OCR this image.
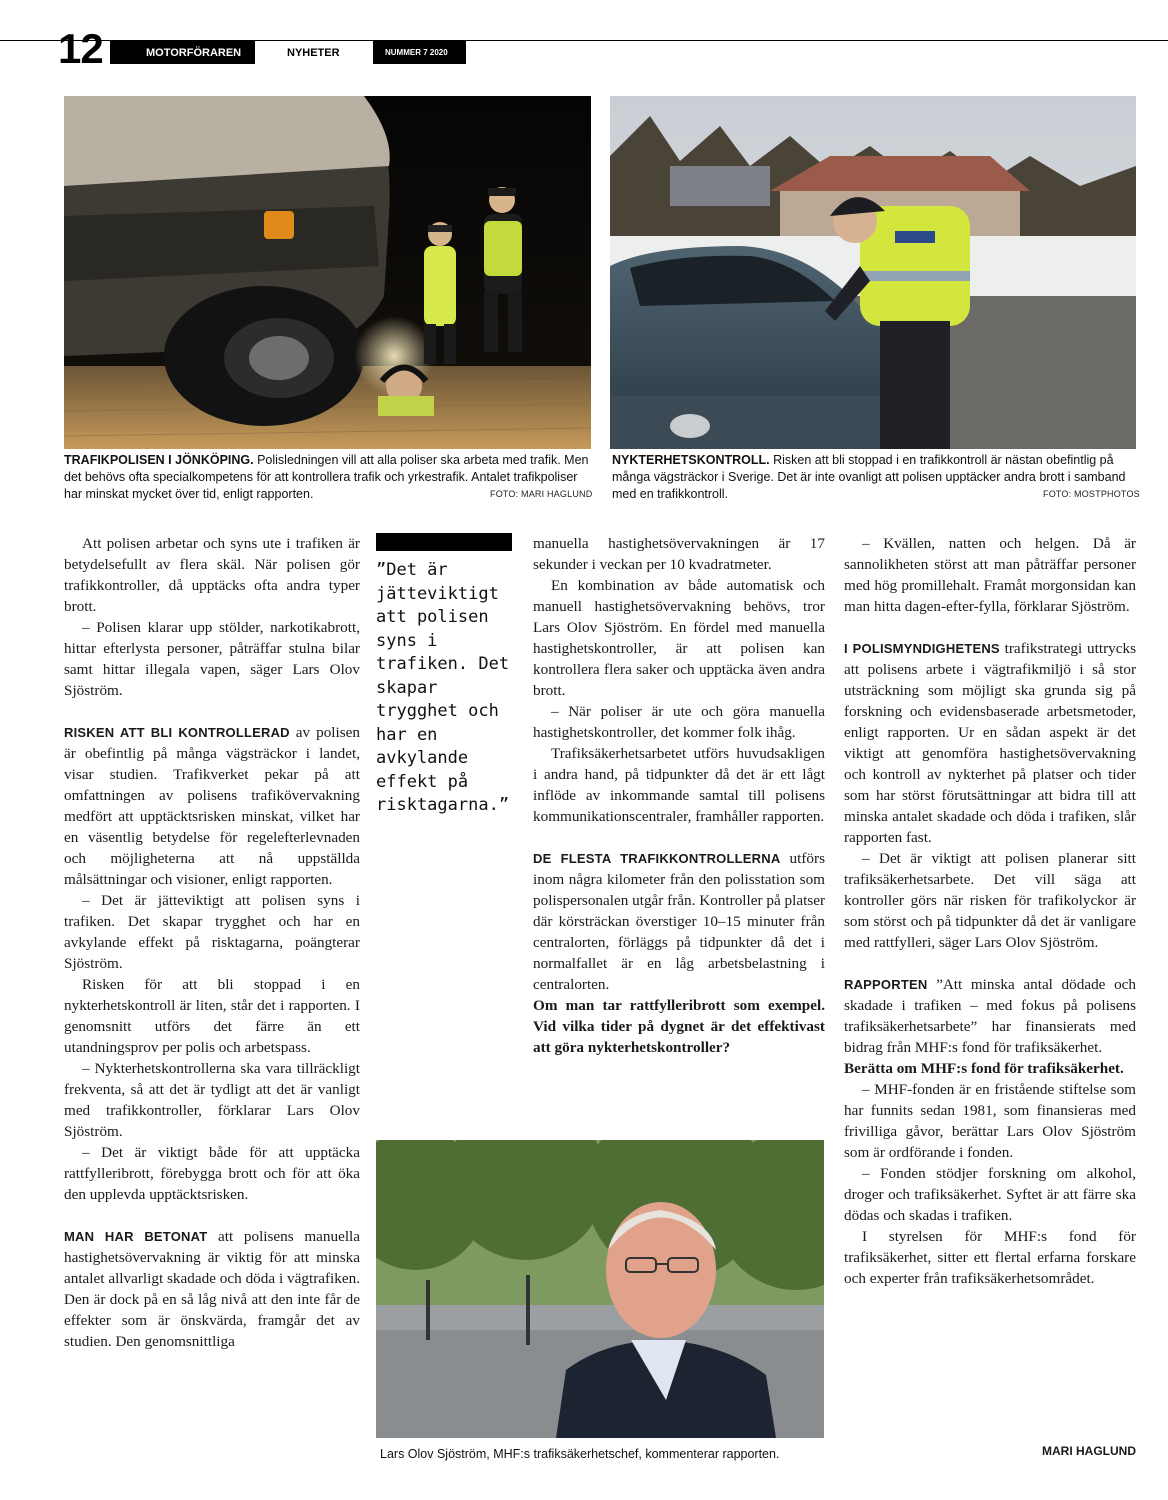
12	MOTORFÖRAREN	NYHETER	NUMMER 7 2020
TRAFIKPOLISEN I JÖNKÖPING. Polisledningen vill att alla poliser ska arbeta med trafik. Men det behövs ofta specialkompetens för att kontrollera trafik och yrkestrafik. Antalet trafikpoliser har minskat mycket över tid, enligt rapporten.	FOTO: MARI HAGLUND
NYKTERHETSKONTROLL. Risken att bli stoppad i en trafikkontroll är nästan obefintlig på många vägsträckor i Sverige. Det är inte ovanligt att polisen upptäcker andra brott i samband med en trafikkontroll.	FOTO: MOSTPHOTOS

Att polisen arbetar och syns ute i trafiken är betydelsefullt av flera skäl. När polisen gör trafikkontroller, då upptäcks ofta andra typer brott.

– Polisen klarar upp stölder, narkotikabrott, hittar efterlysta personer, påträffar stulna bilar samt hittar illegala vapen, säger Lars Olov Sjöström.

RISKEN ATT BLI KONTROLLERAD av polisen är obefintlig på många vägsträckor i landet, visar studien. Trafikverket pekar på att omfattningen av polisens trafikövervakning medfört att upptäcktsrisken minskat, vilket har en väsentlig betydelse för regelefterlevnaden och möjligheterna att nå uppställda målsättningar och visioner, enligt rapporten.

– Det är jätteviktigt att polisen syns i trafiken. Det skapar trygghet och har en avkylande effekt på risktagarna, poängterar Sjöström.

Risken för att bli stoppad i en nykterhetskontroll är liten, står det i rapporten. I genomsnitt utförs det färre än ett utandningsprov per polis och arbetspass.

– Nykterhetskontrollerna ska vara tillräckligt frekventa, så att det är tydligt att det är vanligt med trafikkontroller, förklarar Lars Olov Sjöström.

– Det är viktigt både för att upptäcka rattfylleribrott, förebygga brott och för att öka den upplevda upptäcktsrisken.

MAN HAR BETONAT att polisens manuella hastighetsövervakning är viktig för att minska antalet allvarligt skadade och döda i vägtrafiken. Den är dock på en så låg nivå att den inte får de effekter som är önskvärda, framgår det av studien. Den genomsnittliga

”Det är jätteviktigt att polisen syns i trafiken. Det skapar trygghet och har en avkylande effekt på risktagarna.”

manuella hastighetsövervakningen är 17 sekunder i veckan per 10 kvadratmeter.

En kombination av både automatisk och manuell hastighetsövervakning behövs, tror Lars Olov Sjöström. En fördel med manuella hastighetskontroller, är att polisen kan kontrollera flera saker och upptäcka även andra brott.

– När poliser är ute och göra manuella hastighetskontroller, det kommer folk ihåg.

Trafiksäkerhetsarbetet utförs huvudsakligen i andra hand, på tidpunkter då det är ett lågt inflöde av inkommande samtal till polisens kommunikationscentraler, framhåller rapporten.

DE FLESTA TRAFIKKONTROLLERNA utförs inom några kilometer från den polisstation som polispersonalen utgår från. Kontroller på platser där körsträckan överstiger 10–15 minuter från centralorten, förläggs på tidpunkter då det i normalfallet är en låg arbetsbelastning i centralorten.

Om man tar rattfylleribrott som exempel. Vid vilka tider på dygnet är det effektivast att göra nykterhetskontroller?

Lars Olov Sjöström, MHF:s trafiksäkerhetschef, kommenterar rapporten.

– Kvällen, natten och helgen. Då är sannolikheten störst att man påträffar personer med hög promillehalt. Framåt morgonsidan kan man hitta dagen-efter-fylla, förklarar Sjöström.

I POLISMYNDIGHETENS trafikstrategi uttrycks att polisens arbete i vägtrafikmiljö i så stor utsträckning som möjligt ska grunda sig på forskning och evidensbaserade arbetsmetoder, enligt rapporten. Ur en sådan aspekt är det viktigt att genomföra hastighetsövervakning och kontroll av nykterhet på platser och tider som har störst förutsättningar att bidra till att minska antalet skadade och döda i trafiken, slår rapporten fast.

– Det är viktigt att polisen planerar sitt trafiksäkerhetsarbete. Det vill säga att kontroller görs när risken för trafikolyckor är som störst och på tidpunkter då det är vanligare med rattfylleri, säger Lars Olov Sjöström.

RAPPORTEN ”Att minska antal dödade och skadade i trafiken – med fokus på polisens trafiksäkerhetsarbete” har finansierats med bidrag från MHF:s fond för trafiksäkerhet.

Berätta om MHF:s fond för trafiksäkerhet.

– MHF-fonden är en fristående stiftelse som har funnits sedan 1981, som finansieras med frivilliga gåvor, berättar Lars Olov Sjöström som är ordförande i fonden.

– Fonden stödjer forskning om alkohol, droger och trafiksäkerhet. Syftet är att färre ska dödas och skadas i trafiken.

I styrelsen för MHF:s fond för trafiksäkerhet, sitter ett flertal erfarna forskare och experter från trafiksäkerhetsområdet.

MARI HAGLUND
